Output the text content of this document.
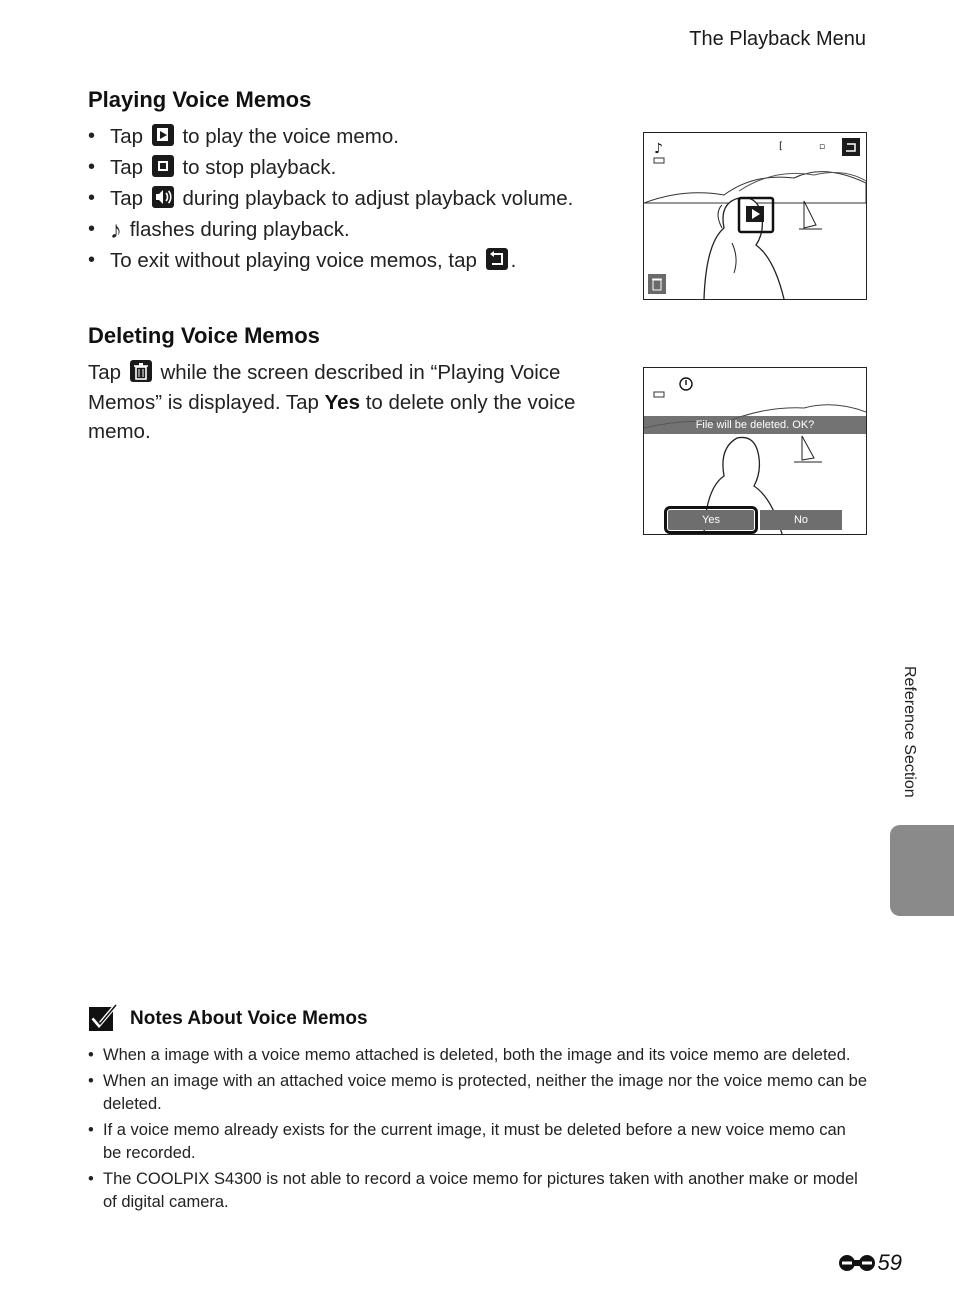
The Playback Menu
Playing Voice Memos
• Tap to play the voice memo.
• Tap to stop playback.
• Tap during playback to adjust playback volume.
• ♪ flashes during playback.
• To exit without playing voice memos, tap .
♪	[	▫
Deleting Voice Memos
Tap while the screen described in “Playing Voice Memos” is displayed. Tap Yes to delete only the voice memo.	File will be deleted. OK?
Yes	No
Reference Section
Notes About Voice Memos
• When a image with a voice memo attached is deleted, both the image and its voice memo are deleted.
• When an image with an attached voice memo is protected, neither the image nor the voice memo can be deleted.
• If a voice memo already exists for the current image, it must be deleted before a new voice memo can be recorded.
• The COOLPIX S4300 is not able to record a voice memo for pictures taken with another make or model of digital camera.
59
